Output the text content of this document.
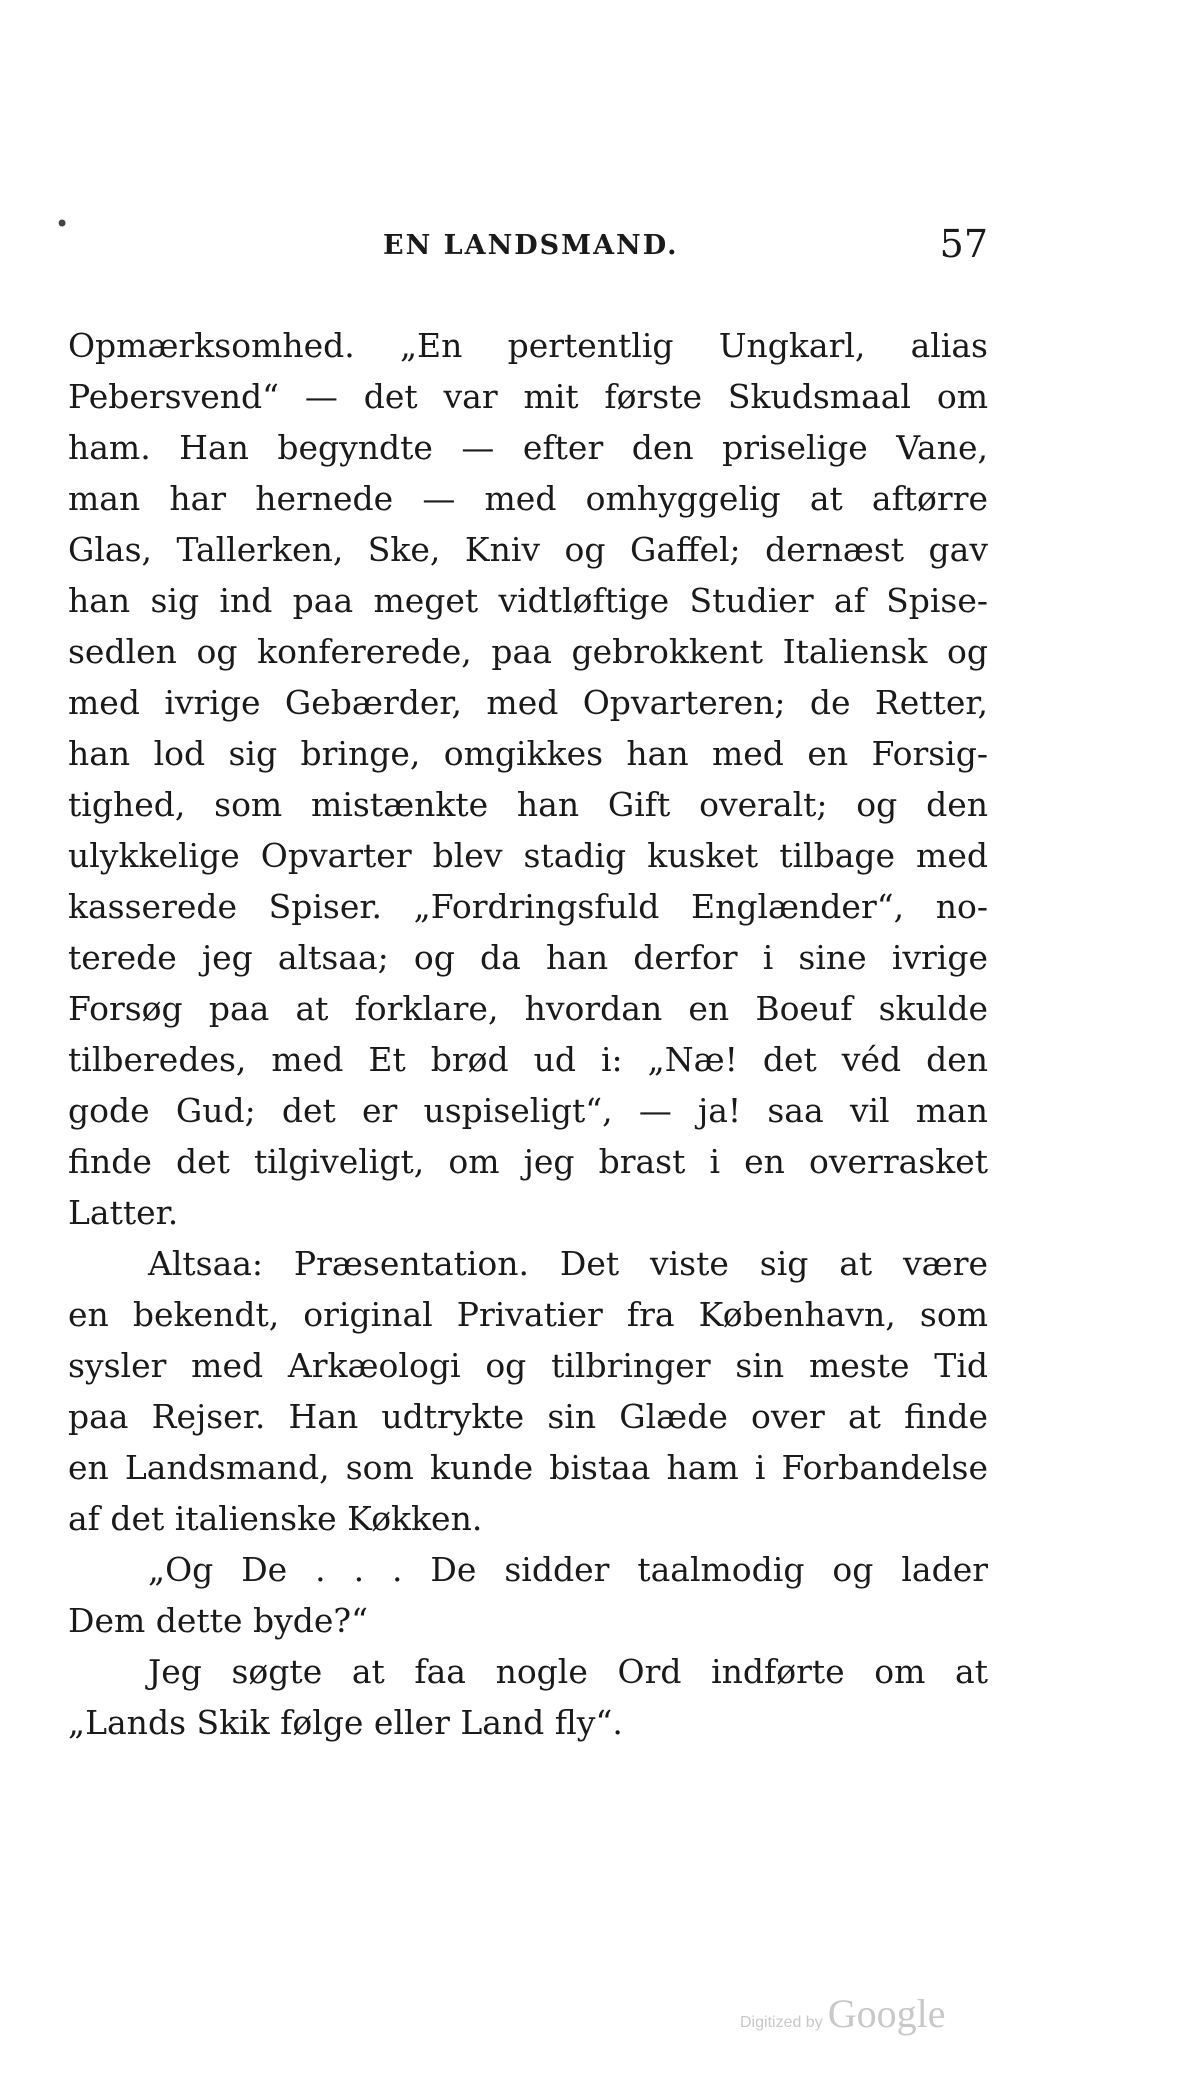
•
EN LANDSMAND.	57
Opmærksomhed. „En pertentlig Ungkarl, alias
Pebersvend“ — det var mit første Skudsmaal om
ham. Han begyndte — efter den priselige Vane,
man har hernede — med omhyggelig at aftørre
Glas, Tallerken, Ske, Kniv og Gaffel; dernæst gav
han sig ind paa meget vidtløftige Studier af Spise-
sedlen og konfererede, paa gebrokkent Italiensk og
med ivrige Gebærder, med Opvarteren; de Retter,
han lod sig bringe, omgikkes han med en Forsig-
tighed, som mistænkte han Gift overalt; og den
ulykkelige Opvarter blev stadig kusket tilbage med
kasserede Spiser. „Fordringsfuld Englænder“, no-
terede jeg altsaa; og da han derfor i sine ivrige
Forsøg paa at forklare, hvordan en Boeuf skulde
tilberedes, med Et brød ud i: „Næ! det véd den
gode Gud; det er uspiseligt“, — ja! saa vil man
finde det tilgiveligt, om jeg brast i en overrasket
Latter.
Altsaa: Præsentation. Det viste sig at være
en bekendt, original Privatier fra København, som
sysler med Arkæologi og tilbringer sin meste Tid
paa Rejser. Han udtrykte sin Glæde over at finde
en Landsmand, som kunde bistaa ham i Forbandelse
af det italienske Køkken.
„Og De . . . De sidder taalmodig og lader
Dem dette byde?“
Jeg søgte at faa nogle Ord indførte om at
„Lands Skik følge eller Land fly“.
Digitized by Google
